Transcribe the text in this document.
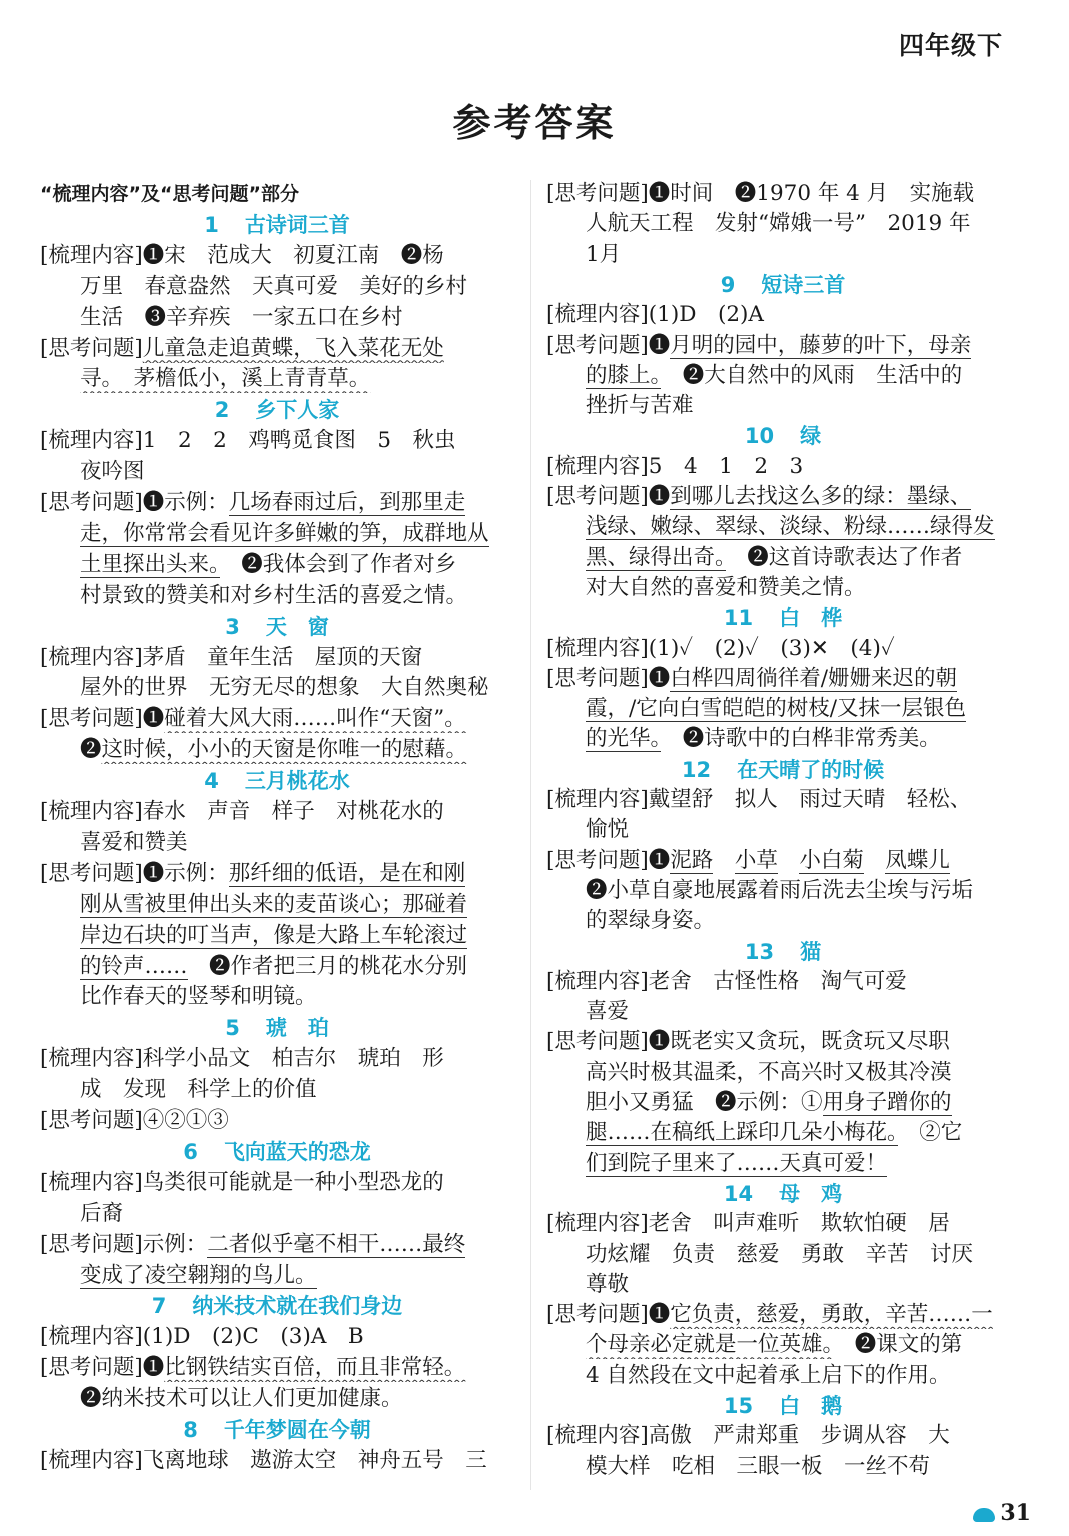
四年级下
参考答案
“梳理内容”及“思考问题”部分
1 古诗词三首
[梳理内容]❶宋　范成大　初夏江南　❷杨
万里　春意盎然　天真可爱　美好的乡村
生活　❸辛弃疾　一家五口在乡村
[思考问题]儿童急走追黄蝶，飞入菜花无处
寻。　茅檐低小，溪上青青草。
2 乡下人家
[梳理内容]1　2　2　鸡鸭觅食图　5　秋虫
夜吟图
[思考问题]❶示例：几场春雨过后，到那里走
走，你常常会看见许多鲜嫩的笋，成群地从
土里探出头来。　❷我体会到了作者对乡
村景致的赞美和对乡村生活的喜爱之情。
3 天　窗
[梳理内容]茅盾　童年生活　屋顶的天窗
屋外的世界　无穷无尽的想象　大自然奥秘
[思考问题]❶碰着大风大雨……叫作“天窗”。
❷这时候，小小的天窗是你唯一的慰藉。
4 三月桃花水
[梳理内容]春水　声音　样子　对桃花水的
喜爱和赞美
[思考问题]❶示例：那纤细的低语，是在和刚
刚从雪被里伸出头来的麦苗谈心；那碰着
岸边石块的叮当声，像是大路上车轮滚过
的铃声……　❷作者把三月的桃花水分别
比作春天的竖琴和明镜。
5 琥　珀
[梳理内容]科学小品文　柏吉尔　琥珀　形
成　发现　科学上的价值
[思考问题]④②①③
6 飞向蓝天的恐龙
[梳理内容]鸟类很可能就是一种小型恐龙的
后裔
[思考问题]示例：二者似乎毫不相干……最终
变成了凌空翱翔的鸟儿。
7 纳米技术就在我们身边
[梳理内容](1)D　(2)C　(3)A　B
[思考问题]❶比钢铁结实百倍，而且非常轻。
❷纳米技术可以让人们更加健康。
8 千年梦圆在今朝
[梳理内容]飞离地球　遨游太空　神舟五号　三
[思考问题]❶时间　❷1970 年 4 月　实施载
人航天工程　发射“嫦娥一号”　2019 年
1月
9 短诗三首
[梳理内容](1)D　(2)A
[思考问题]❶月明的园中，藤萝的叶下，母亲
的膝上。　❷大自然中的风雨　生活中的
挫折与苦难
10 绿
[梳理内容]5　4　1　2　3
[思考问题]❶到哪儿去找这么多的绿：墨绿、
浅绿、嫩绿、翠绿、淡绿、粉绿……绿得发
黑、绿得出奇。　❷这首诗歌表达了作者
对大自然的喜爱和赞美之情。
11 白　桦
[梳理内容](1)✓　(2)✓　(3)✕　(4)✓
[思考问题]❶白桦四周徜徉着/姗姗来迟的朝
霞，/它向白雪皑皑的树枝/又抹一层银色
的光华。　❷诗歌中的白桦非常秀美。
12 在天晴了的时候
[梳理内容]戴望舒　拟人　雨过天晴　轻松、
愉悦
[思考问题]❶泥路　 小草　 小白菊　 凤蝶儿
❷小草自豪地展露着雨后洗去尘埃与污垢
的翠绿身姿。
13 猫
[梳理内容]老舍　古怪性格　淘气可爱
喜爱
[思考问题]❶既老实又贪玩，既贪玩又尽职
高兴时极其温柔，不高兴时又极其冷漠
胆小又勇猛　❷示例：①用身子蹭你的
腿……在稿纸上踩印几朵小梅花。　②它
们到院子里来了……天真可爱！
14 母　鸡
[梳理内容]老舍　叫声难听　欺软怕硬　居
功炫耀　负责　慈爱　勇敢　辛苦　讨厌
尊敬
[思考问题]❶它负责，慈爱，勇敢，辛苦……一
个母亲必定就是一位英雄。　❷课文的第
4 自然段在文中起着承上启下的作用。
15 白　鹅
[梳理内容]高傲　严肃郑重　步调从容　大
模大样　吃相　三眼一板　一丝不苟
31
